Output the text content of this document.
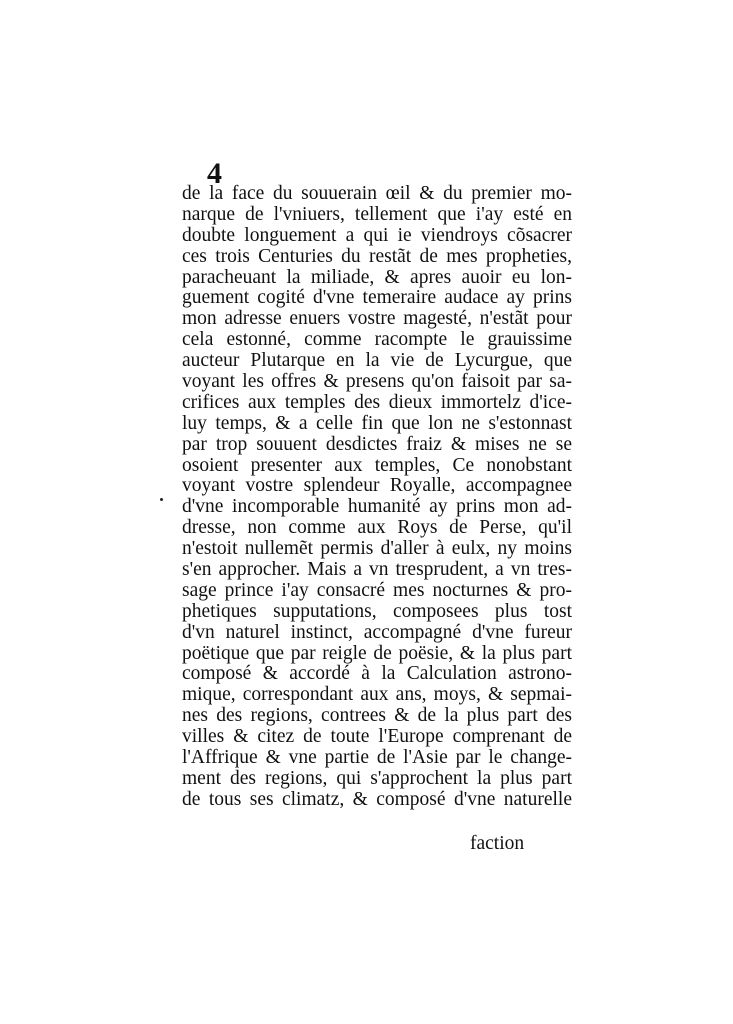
4
de la face du souuerain œil & du premier mo-
narque de l'vniuers, tellement que i'ay esté en
doubte longuement a qui ie viendroys cõsacrer
ces trois Centuries du restãt de mes propheties,
paracheuant la miliade, & apres auoir eu lon-
guement cogité d'vne temeraire audace ay prins
mon adresse enuers vostre magesté, n'estãt pour
cela estonné, comme racompte le grauissime
aucteur Plutarque en la vie de Lycurgue, que
voyant les offres & presens qu'on faisoit par sa-
crifices aux temples des dieux immortelz d'ice-
luy temps, & a celle fin que lon ne s'estonnast
par trop souuent desdictes fraiz & mises ne se
osoient presenter aux temples, Ce nonobstant
voyant vostre splendeur Royalle, accompagnee
d'vne incomporable humanité ay prins mon ad-
dresse, non comme aux Roys de Perse, qu'il
n'estoit nullemẽt permis d'aller à eulx, ny moins
s'en approcher. Mais a vn tresprudent, a vn tres-
sage prince i'ay consacré mes nocturnes & pro-
phetiques supputations, composees plus tost
d'vn naturel instinct, accompagné d'vne fureur
poëtique que par reigle de poësie, & la plus part
composé & accordé à la Calculation astrono-
mique, correspondant aux ans, moys, & sepmai-
nes des regions, contrees & de la plus part des
villes & citez de toute l'Europe comprenant de
l'Affrique & vne partie de l'Asie par le change-
ment des regions, qui s'approchent la plus part
de tous ses climatz, & composé d'vne naturelle
faction
